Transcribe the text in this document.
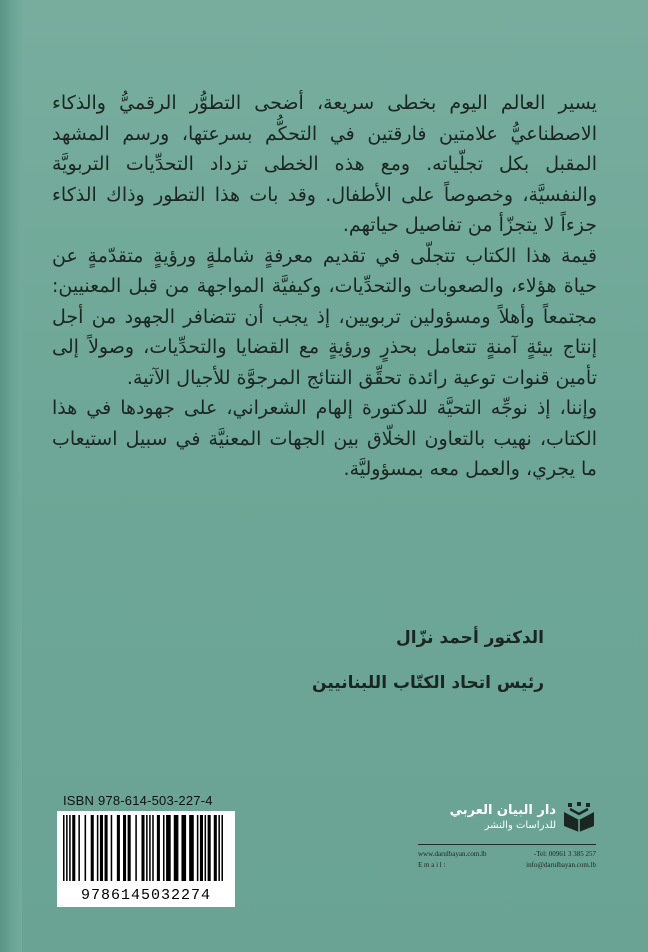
يسير العالم اليوم بخطى سريعة، أضحى التطوُّر الرقميُّ والذكاء الاصطناعيُّ علامتين فارقتين في التحكُّم بسرعتها، ورسم المشهد المقبل بكل تجلّياته. ومع هذه الخطى تزداد التحدِّيات التربويَّة والنفسيَّة، وخصوصاً على الأطفال. وقد بات هذا التطور وذاك الذكاء جزءاً لا يتجزّأ من تفاصيل حياتهم.

قيمة هذا الكتاب تتجلّى في تقديم معرفةٍ شاملةٍ ورؤيةٍ متقدّمةٍ عن حياة هؤلاء، والصعوبات والتحدِّيات، وكيفيَّة المواجهة من قبل المعنيين: مجتمعاً وأهلاً ومسؤولين تربويين، إذ يجب أن تتضافر الجهود من أجل إنتاج بيئةٍ آمنةٍ تتعامل بحذرٍ ورؤيةٍ مع القضايا والتحدِّيات، وصولاً إلى تأمين قنوات توعية رائدة تحقِّق النتائج المرجوَّة للأجيال الآتية.

وإننا، إذ نوجِّه التحيَّة للدكتورة إلهام الشعراني، على جهودها في هذا الكتاب، نهيب بالتعاون الخلّاق بين الجهات المعنيَّة في سبيل استيعاب ما يجري، والعمل معه بمسؤوليَّة.

الدكتور أحمد نزّال
رئيس اتحاد الكتّاب اللبنانيين
ISBN 978-614-503-227-4
9786145032274
دار البيان العربي
للدراسات والنشر
www.darulbayan.com.lb	-Tel: 00961 3 385 257
E m a i l :	info@darulbayan.com.lb
